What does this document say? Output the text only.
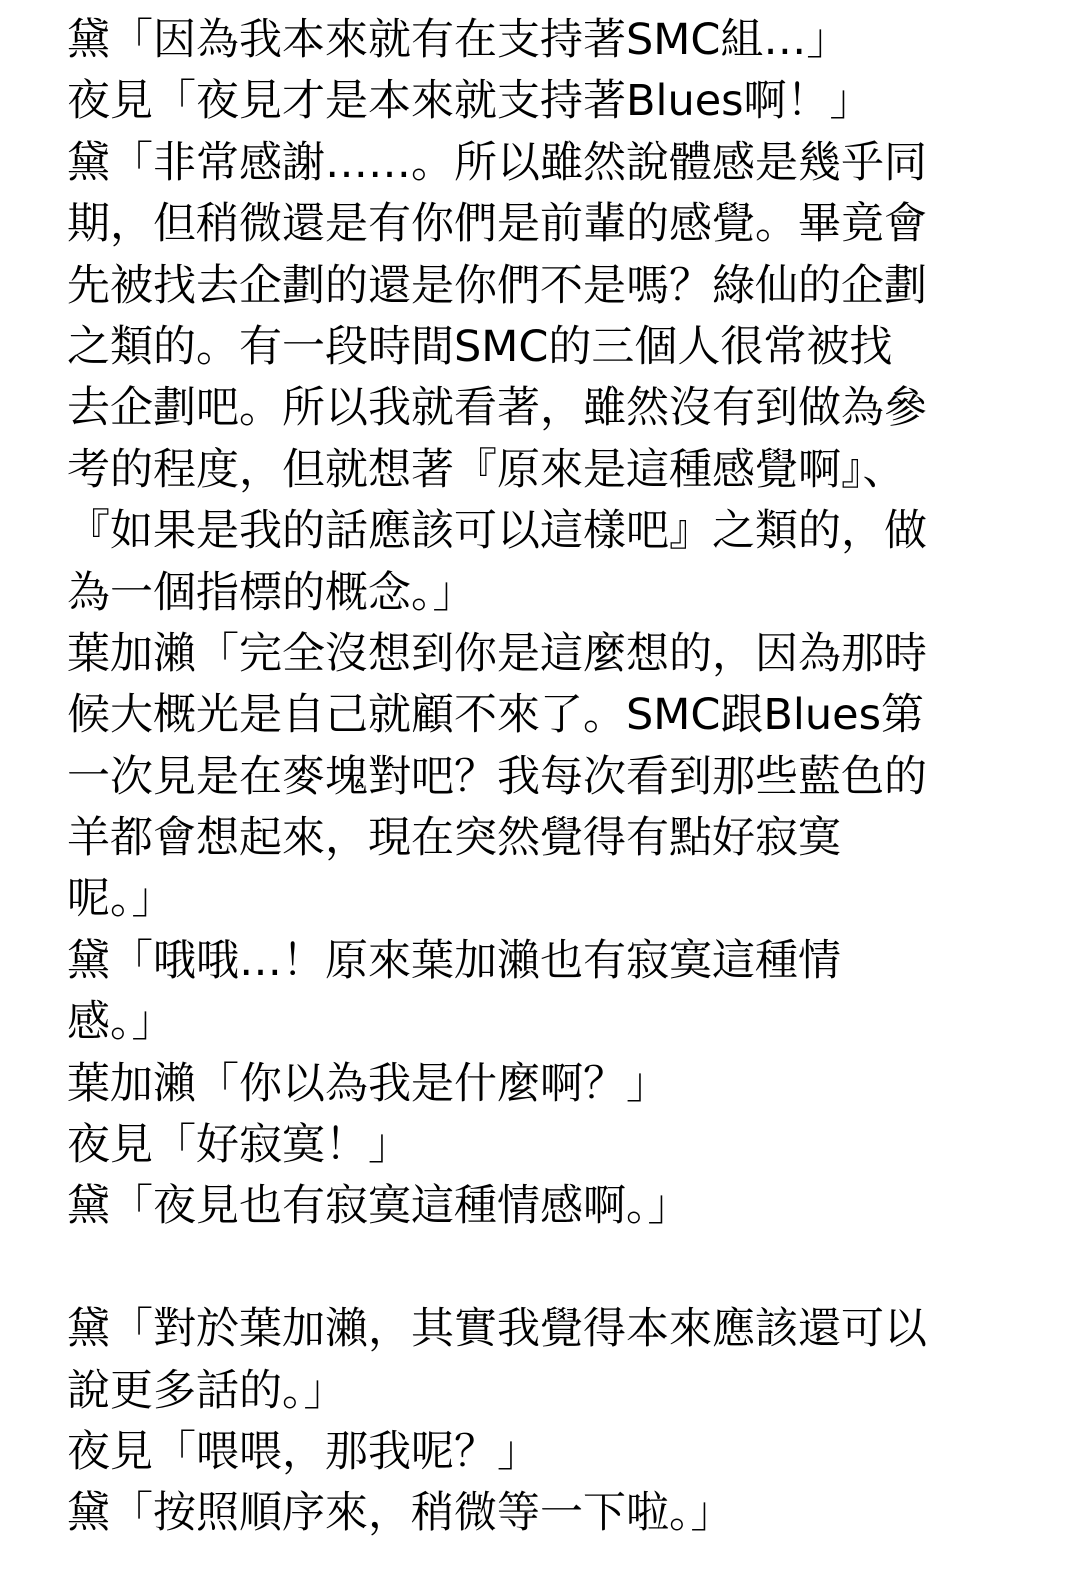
黛「因為我本來就有在支持著SMC組…」
夜見「夜見才是本來就支持著Blues啊！」
黛「非常感謝……。所以雖然說體感是幾乎同
期，但稍微還是有你們是前輩的感覺。畢竟會
先被找去企劃的還是你們不是嗎？綠仙的企劃
之類的。有一段時間SMC的三個人很常被找
去企劃吧。所以我就看著，雖然沒有到做為參
考的程度，但就想著『原來是這種感覺啊』、
『如果是我的話應該可以這樣吧』之類的，做
為一個指標的概念。」
葉加瀨「完全沒想到你是這麼想的，因為那時
候大概光是自己就顧不來了。SMC跟Blues第
一次見是在麥塊對吧？我每次看到那些藍色的
羊都會想起來，現在突然覺得有點好寂寞
呢。」
黛「哦哦…！原來葉加瀨也有寂寞這種情
感。」
葉加瀨「你以為我是什麼啊？」
夜見「好寂寞！」
黛「夜見也有寂寞這種情感啊。」
黛「對於葉加瀨，其實我覺得本來應該還可以
說更多話的。」
夜見「喂喂，那我呢？」
黛「按照順序來，稍微等一下啦。」
